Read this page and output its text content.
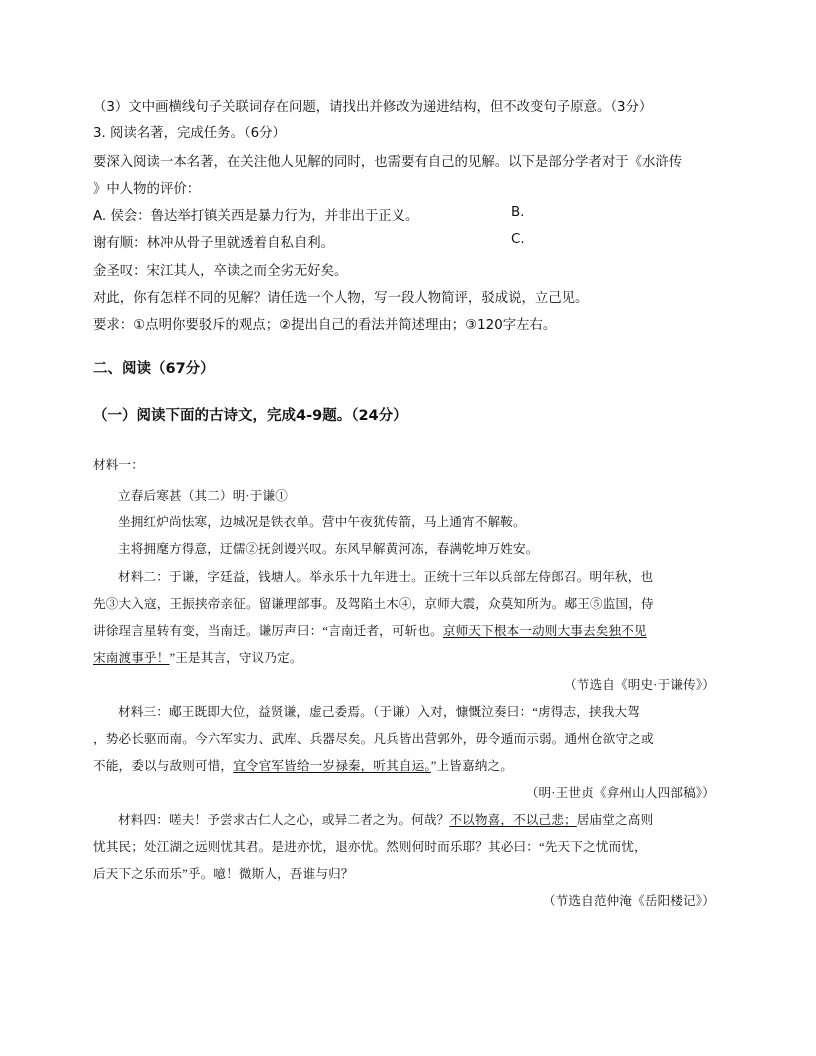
（3）文中画横线句子关联词存在问题，请找出并修改为递进结构，但不改变句子原意。（3分）
3. 阅读名著，完成任务。（6分）
要深入阅读一本名著，在关注他人见解的同时，也需要有自己的见解。以下是部分学者对于《水浒传
》中人物的评价：
A. 侯会：鲁达举打镇关西是暴力行为，并非出于正义。	B.
谢有顺：林冲从骨子里就透着自私自利。	C.
金圣叹：宋江其人，卒读之而全劣无好矣。
对此，你有怎样不同的见解？请任选一个人物，写一段人物简评，驳成说，立己见。
要求：①点明你要驳斥的观点；②提出自己的看法并简述理由；③120字左右。
二、阅读（67分）
（一）阅读下面的古诗文，完成4-9题。（24分）
材料一：
立春后寒甚（其二）明·于谦①
坐拥红炉尚怯寒，边城况是铁衣单。营中午夜犹传箭，马上通宵不解鞍。
主将拥麾方得意，迂儒②抚剑谩兴叹。东风早解黄河冻，春满乾坤万姓安。
材料二：于谦，字廷益，钱塘人。举永乐十九年进士。正统十三年以兵部左侍郎召。明年秋，也
先③大入寇，王振挟帝亲征。留谦理部事。及驾陷土木④，京师大震，众莫知所为。郕王⑤监国，侍
讲徐珵言星转有变，当南迁。谦厉声曰：“言南迁者，可斩也。京师天下根本一动则大事去矣独不见
宋南渡事乎！”王是其言，守议乃定。
（节选自《明史·于谦传》）
材料三：郕王既即大位，益贤谦，虚己委焉。（于谦）入对，慷慨泣奏曰：“虏得志，挟我大驾
，势必长驱而南。今六军实力、武库、兵器尽矣。凡兵皆出营郭外，毋令遁而示弱。通州仓欲守之或
不能，委以与敌则可惜，宜令官军皆给一岁禄秦，听其自运。”上皆嘉纳之。
（明·王世贞《弇州山人四部稿》）
材料四：嗟夫！予尝求古仁人之心，或异二者之为。何哉？不以物喜，不以己悲；居庙堂之高则
忧其民；处江湖之远则忧其君。是进亦忧，退亦忧。然则何时而乐耶？其必曰：“先天下之忧而忧，
后天下之乐而乐”乎。噫！微斯人，吾谁与归？
（节选自范仲淹《岳阳楼记》）
